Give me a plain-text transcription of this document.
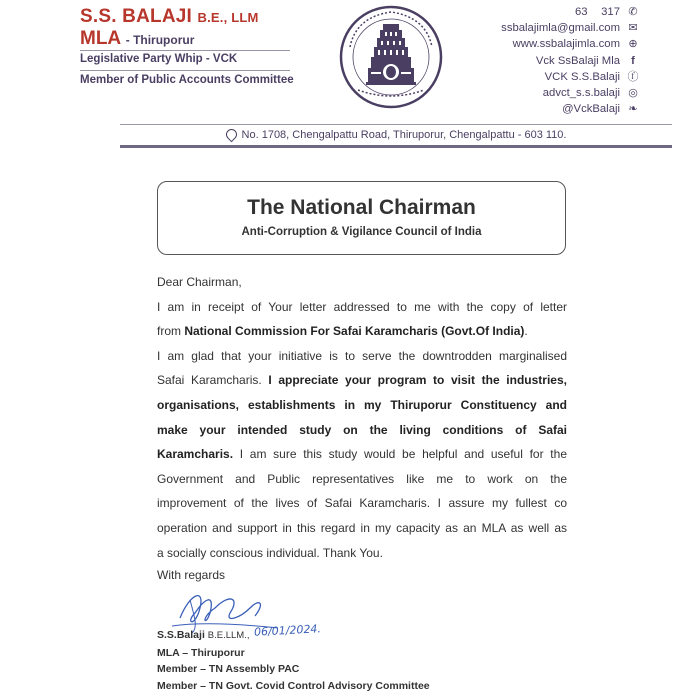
S.S. BALAJI B.E., LLM
MLA - Thiruporur
Legislative Party Whip - VCK
Member of Public Accounts Committee
63      317 ✆
ssbalajimla@gmail.com ✉
www.ssbalajimla.com ⊕
Vck SsBalaji Mla	f
VCK S.S.Balaji ⓕ
advct_s.s.balaji ◎
@VckBalaji ❧
No. 1708, Chengalpattu Road, Thiruporur, Chengalpattu - 603 110.
The National Chairman
Anti-Corruption & Vigilance Council of India
Dear Chairman,
I am in receipt of Your letter addressed to me with the copy of letter
from National Commission For Safai Karamcharis (Govt.Of India).
I am glad that your initiative is to serve the downtrodden marginalised
Safai Karamcharis. I appreciate your program to visit the industries,
organisations, establishments in my Thiruporur Constituency and
make your intended study on the living conditions of Safai
Karamcharis. I am sure this study would be helpful and useful for the
Government and Public representatives like me to work on the
improvement of the lives of Safai Karamcharis. I assure my fullest co
operation and support in this regard in my capacity as an MLA as well as
a socially conscious individual. Thank You.
With regards
S.S.Balaji B.E.LLM.,
MLA – Thiruporur
Member – TN Assembly PAC
Member – TN Govt. Covid Control Advisory Committee
06/01/2024.
